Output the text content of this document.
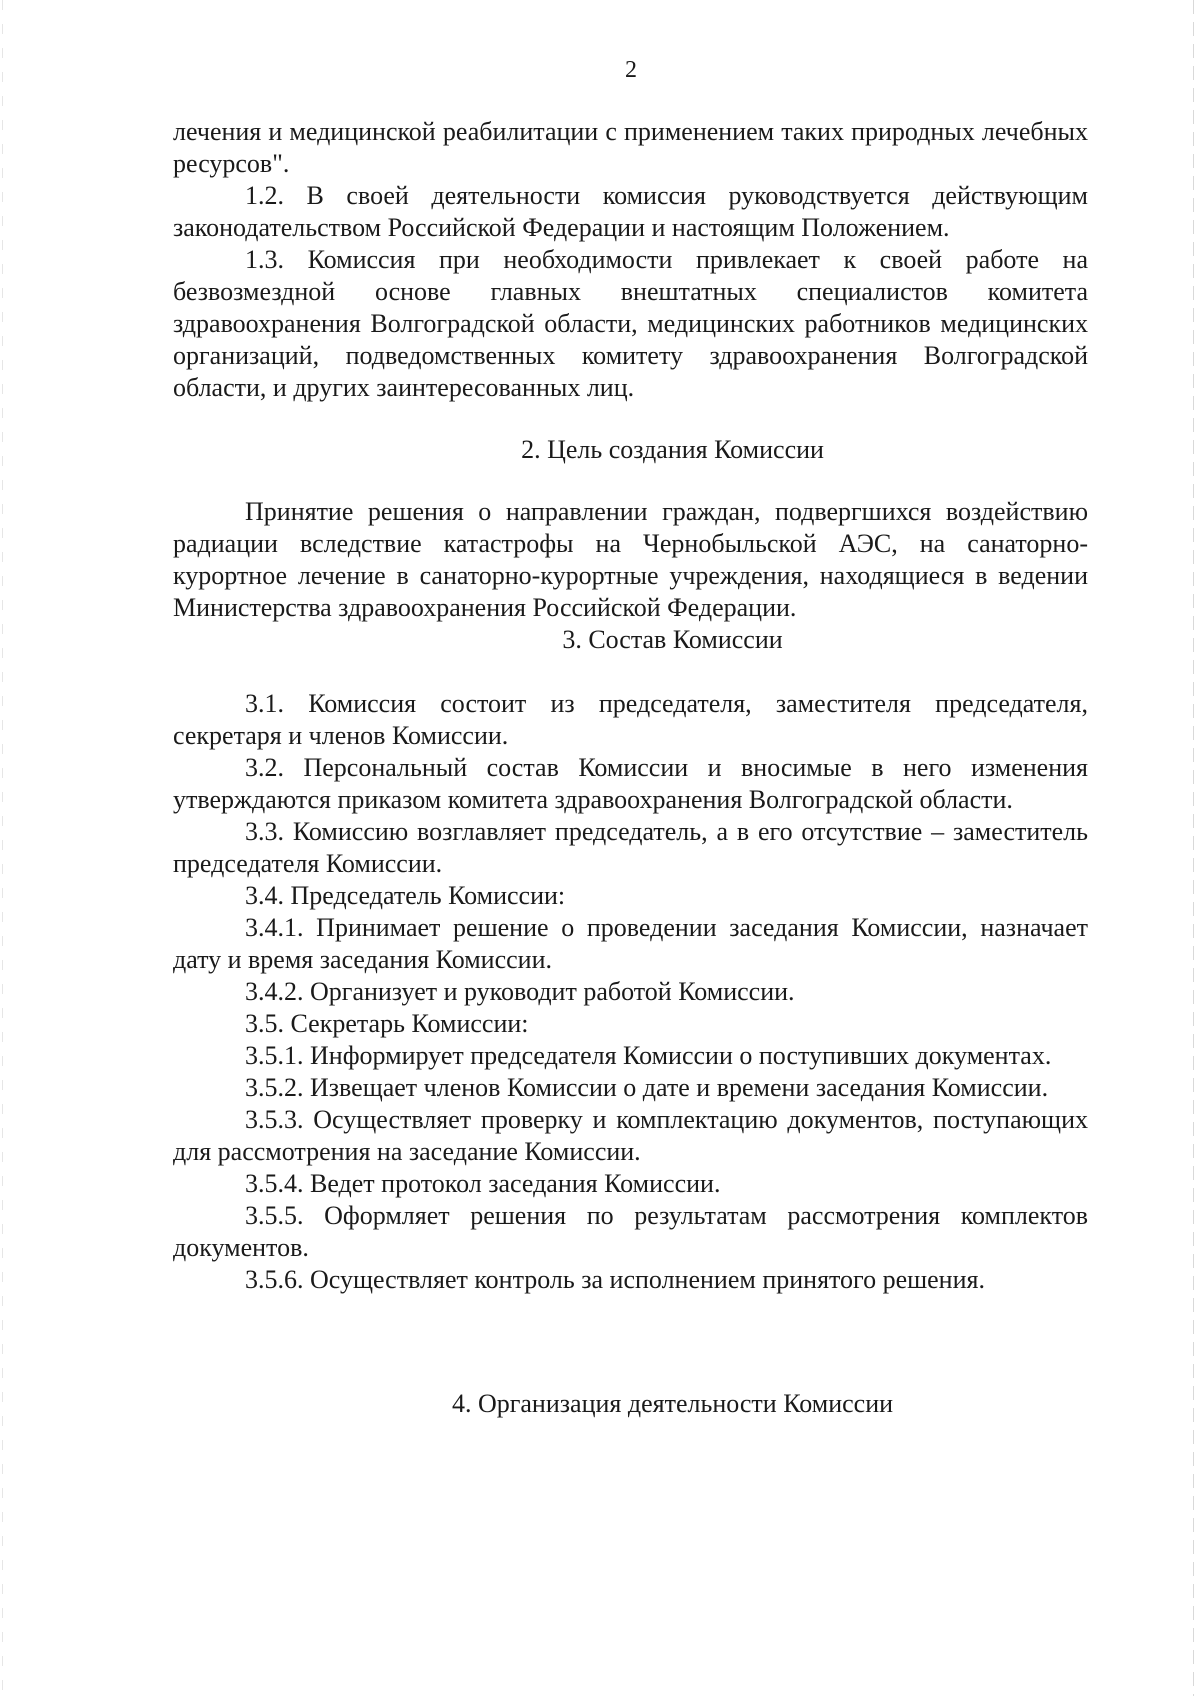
2

лечения и медицинской реабилитации с применением таких природных лечебных ресурсов".

1.2. В своей деятельности комиссия руководствуется действующим законодательством Российской Федерации и настоящим Положением.

1.3. Комиссия при необходимости привлекает к своей работе на безвозмездной основе главных внештатных специалистов комитета здравоохранения Волгоградской области, медицинских работников медицинских организаций, подведомственных комитету здравоохранения Волгоградской области, и других заинтересованных лиц.

2. Цель создания Комиссии

Принятие решения о направлении граждан, подвергшихся воздействию радиации вследствие катастрофы на Чернобыльской АЭС, на санаторно-курортное лечение в санаторно-курортные учреждения, находящиеся в ведении Министерства здравоохранения Российской Федерации.

3. Состав Комиссии

3.1. Комиссия состоит из председателя, заместителя председателя, секретаря и членов Комиссии.

3.2. Персональный состав Комиссии и вносимые в него изменения утверждаются приказом комитета здравоохранения Волгоградской области.

3.3. Комиссию возглавляет председатель, а в его отсутствие – заместитель председателя Комиссии.

3.4. Председатель Комиссии:

3.4.1. Принимает решение о проведении заседания Комиссии, назначает дату и время заседания Комиссии.

3.4.2. Организует и руководит работой Комиссии.

3.5. Секретарь Комиссии:

3.5.1. Информирует председателя Комиссии о поступивших документах.

3.5.2. Извещает членов Комиссии о дате и времени заседания Комиссии.

3.5.3. Осуществляет проверку и комплектацию документов, поступающих для рассмотрения на заседание Комиссии.

3.5.4. Ведет протокол заседания Комиссии.

3.5.5. Оформляет решения по результатам рассмотрения комплектов документов.

3.5.6. Осуществляет контроль за исполнением принятого решения.

4. Организация деятельности Комиссии
